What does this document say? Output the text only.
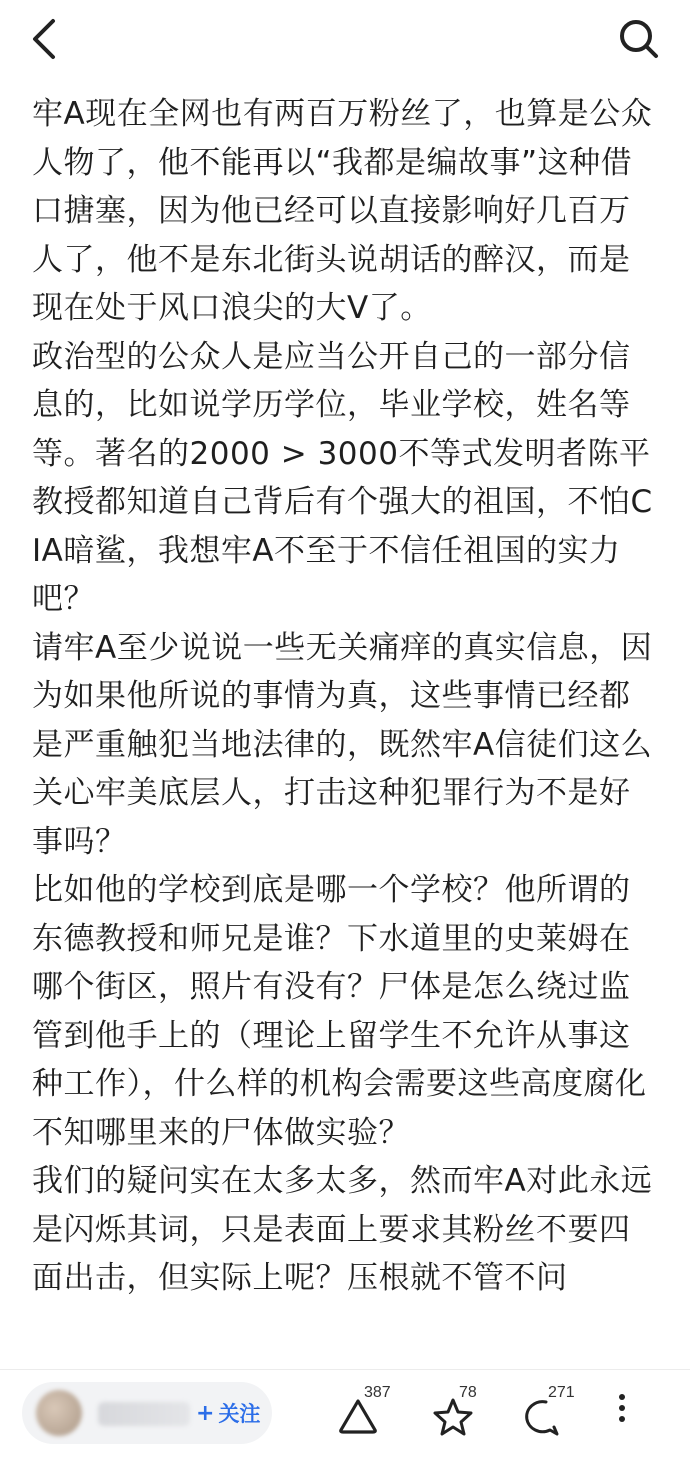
牢A现在全网也有两百万粉丝了，也算是公众人物了，他不能再以“我都是编故事”这种借口搪塞，因为他已经可以直接影响好几百万人了，他不是东北街头说胡话的醉汉，而是现在处于风口浪尖的大V了。

政治型的公众人是应当公开自己的一部分信息的，比如说学历学位，毕业学校，姓名等等。著名的2000 > 3000不等式发明者陈平教授都知道自己背后有个强大的祖国，不怕CIA暗鲨，我想牢A不至于不信任祖国的实力吧？

请牢A至少说说一些无关痛痒的真实信息，因为如果他所说的事情为真，这些事情已经都是严重触犯当地法律的，既然牢A信徒们这么关心牢美底层人，打击这种犯罪行为不是好事吗？

比如他的学校到底是哪一个学校？他所谓的东德教授和师兄是谁？下水道里的史莱姆在哪个街区，照片有没有？尸体是怎么绕过监管到他手上的（理论上留学生不允许从事这种工作），什么样的机构会需要这些高度腐化不知哪里来的尸体做实验？

我们的疑问实在太多太多，然而牢A对此永远是闪烁其词，只是表面上要求其粉丝不要四面出击，但实际上呢？压根就不管不问

+ 关注
387	78	271
